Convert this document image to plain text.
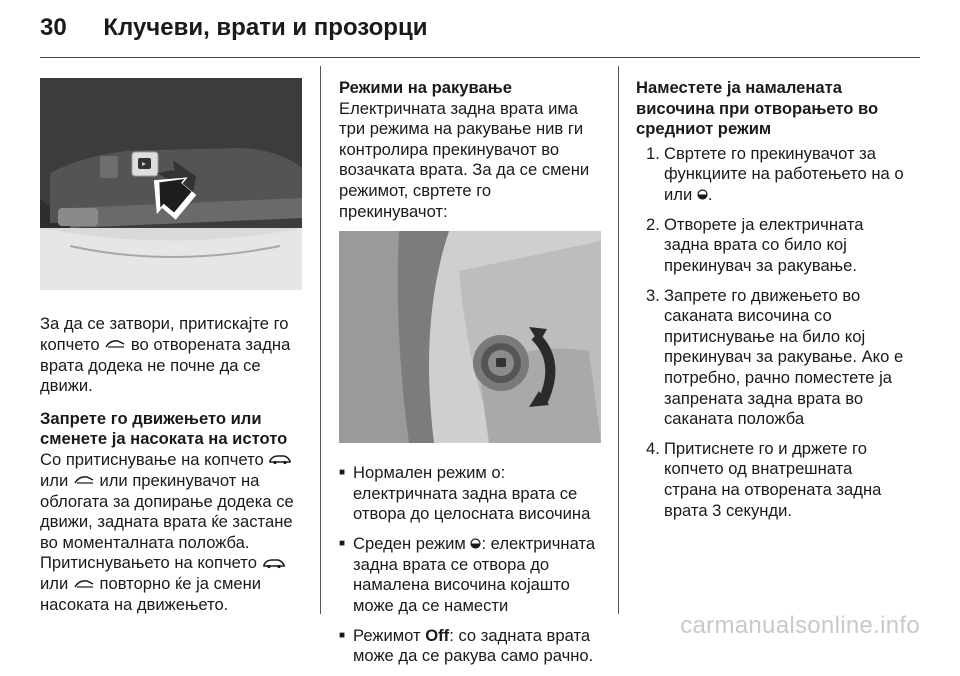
30 Клучеви, врати и прозорци

За да се затвори, притискајте го копчето во отворената задна врата додека не почне да се движи.

Запрете го движењето или сменете ја насоката на истото

Со притиснување на копчето  или или прекинувачот на облогата за допирање додека се движи, задната врата ќе застане во моменталната положба.

Притиснувањето на копчето
или повторно ќе ја смени насоката на движењето.

Режими на ракување

Електричната задна врата има три режима на ракување нив ги контролира прекинувачот во возачката врата. За да се смени режимот, свртете го прекинувачот:

■ Нормален режим o: електричната задна врата се отвора до целосната височина
■ Среден режим : електричната задна врата се отвора до намалена височина којашто може да се намести
■ Режимот Off: со задната врата може да се ракува само рачно.

Наместете ја намалената височина при отворањето во средниот режим

1. Свртете го прекинувачот за функциите на работењето на о или .
2. Отворете ја електричната задна врата со било кој прекинувач за ракување.
3. Запрете го движењето во саканата височина со притиснување на било кој прекинувач за ракување. Ако е потребно, рачно поместете ја запрената задна врата во саканата положба
4. Притиснете го и држете го копчето од внатрешната страна на отворената задна врата 3 секунди.
carmanualsonline.info
